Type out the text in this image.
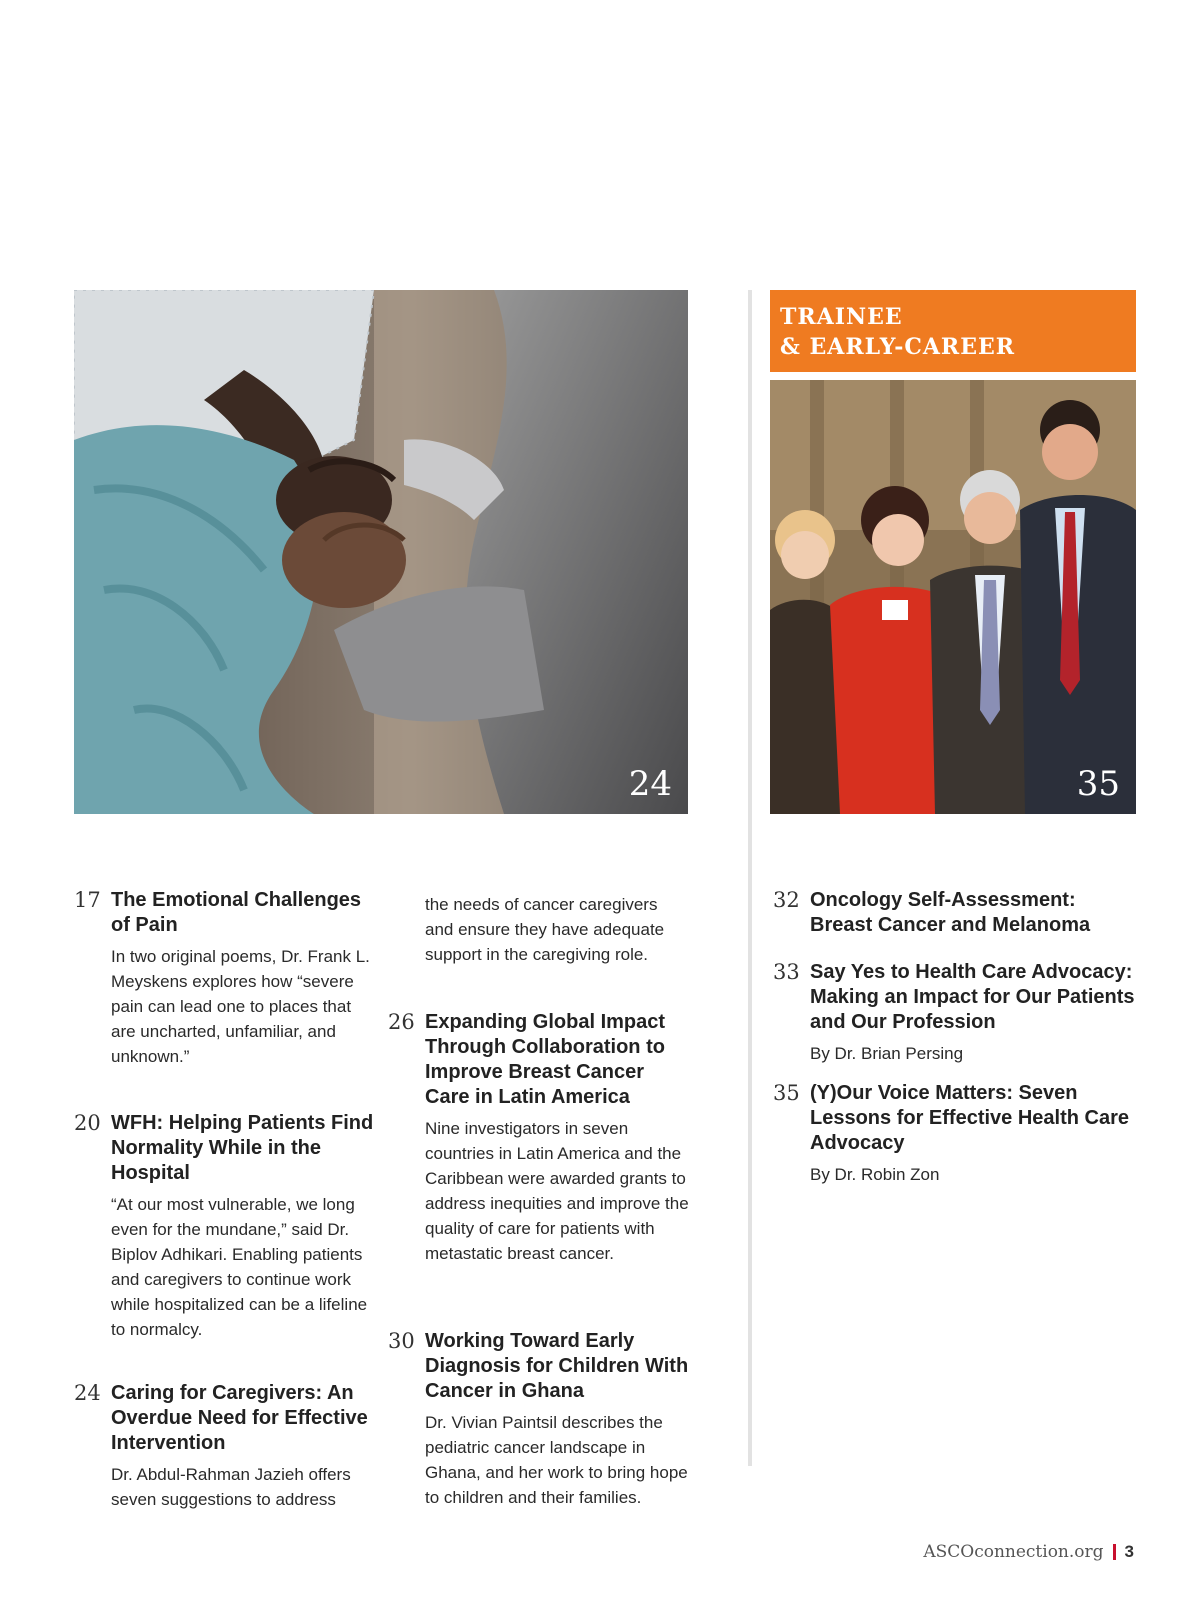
24
TRAINEE
& EARLY-CAREER
35
17 The Emotional Challenges of Pain

In two original poems, Dr. Frank L. Meyskens explores how “severe pain can lead one to places that are uncharted, unfamiliar, and unknown.”

20 WFH: Helping Patients Find Normality While in the Hospital

“At our most vulnerable, we long even for the mundane,” said Dr. Biplov Adhikari. Enabling patients and caregivers to continue work while hospitalized can be a lifeline to normalcy.

24 Caring for Caregivers: An Overdue Need for Effective Intervention

Dr. Abdul-Rahman Jazieh offers seven suggestions to address

the needs of cancer caregivers and ensure they have adequate support in the caregiving role.

26 Expanding Global Impact Through Collaboration to Improve Breast Cancer Care in Latin America

Nine investigators in seven countries in Latin America and the Caribbean were awarded grants to address inequities and improve the quality of care for patients with metastatic breast cancer.

30 Working Toward Early Diagnosis for Children With Cancer in Ghana

Dr. Vivian Paintsil describes the pediatric cancer landscape in Ghana, and her work to bring hope to children and their families.

32 Oncology Self-Assessment: Breast Cancer and Melanoma

33 Say Yes to Health Care Advocacy: Making an Impact for Our Patients and Our Profession

By Dr. Brian Persing

35 (Y)Our Voice Matters: Seven Lessons for Effective Health Care Advocacy

By Dr. Robin Zon

ASCOconnection.org 3
